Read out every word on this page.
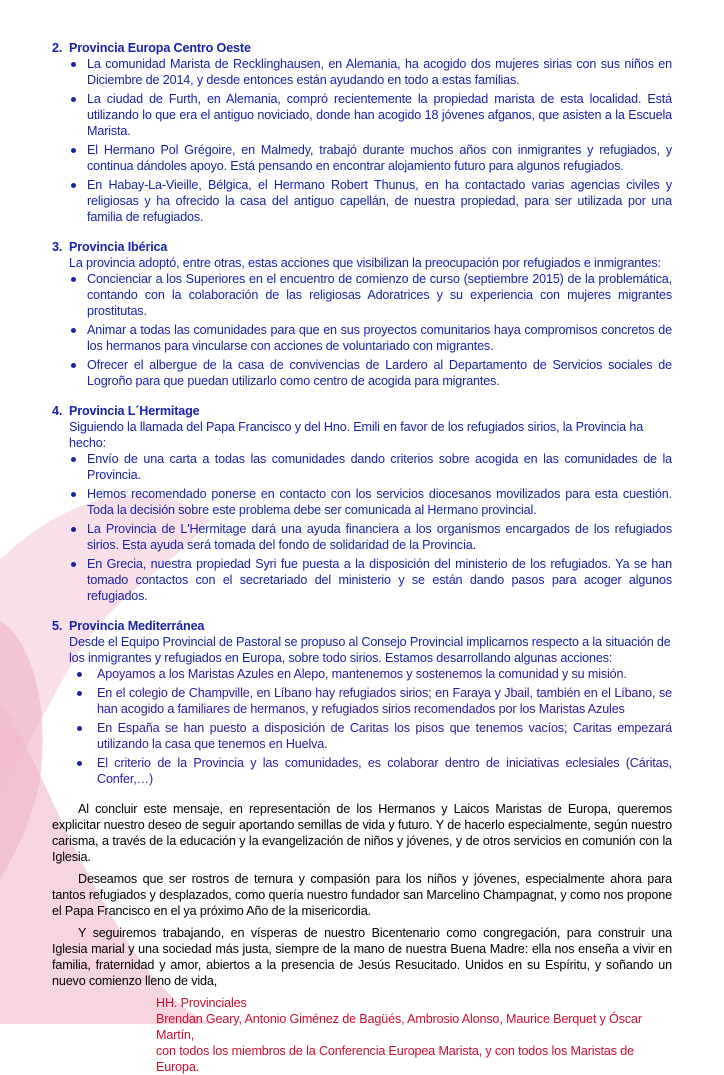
2. Provincia Europa Centro Oeste
La comunidad Marista de Recklinghausen, en Alemania, ha acogido dos mujeres sirias con sus niños en Diciembre de 2014, y desde entonces están ayudando en todo a estas familias.
La ciudad de Furth, en Alemania, compró recientemente la propiedad marista de esta localidad. Está utilizando lo que era el antiguo noviciado, donde han acogido 18 jóvenes afganos, que asisten a la Escuela Marista.
El Hermano Pol Grégoire, en Malmedy, trabajó durante muchos años con inmigrantes y refugiados, y continua dándoles apoyo. Está pensando en encontrar alojamiento futuro para algunos refugiados.
En Habay-La-Vieille, Bélgica, el Hermano Robert Thunus, en ha contactado varias agencias civiles y religiosas y ha ofrecido la casa del antiguo capellán, de nuestra propiedad, para ser utilizada por una familia de refugiados.
3. Provincia Ibérica
La provincia adoptó, entre otras, estas acciones que visibilizan la preocupación por refugiados e inmigrantes:
Concienciar a los Superiores en el encuentro de comienzo de curso (septiembre 2015) de la problemática, contando con la colaboración de las religiosas Adoratrices y su experiencia con mujeres migrantes prostitutas.
Animar a todas las comunidades para que en sus proyectos comunitarios haya compromisos concretos de los hermanos para vincularse con acciones de voluntariado con migrantes.
Ofrecer el albergue de la casa de convivencias de Lardero al Departamento de Servicios sociales de Logroño para que puedan utilizarlo como centro de acogida para migrantes.
4. Provincia L´Hermitage
Siguiendo la llamada del Papa Francisco y del Hno. Emili en favor de los refugiados sirios, la Provincia ha hecho:
Envío de una carta a todas las comunidades dando criterios sobre acogida en las comunidades de la Provincia.
Hemos recomendado ponerse en contacto con los servicios diocesanos movilizados para esta cuestión. Toda la decisión sobre este problema debe ser comunicada al Hermano provincial.
La Provincia de L'Hermitage dará una ayuda financiera a los organismos encargados de los refugiados sirios. Esta ayuda será tomada del fondo de solidaridad de la Provincia.
En Grecia, nuestra propiedad Syri fue puesta a la disposición del ministerio de los refugiados. Ya se han tomado contactos con el secretariado del ministerio y se están dando pasos para acoger algunos refugiados.
5. Provincia Mediterránea
Desde el Equipo Provincial de Pastoral se propuso al Consejo Provincial implicarnos respecto a la situación de los inmigrantes y refugiados en Europa, sobre todo sirios. Estamos desarrollando algunas acciones:
Apoyamos a los Maristas Azules en Alepo, mantenemos y sostenemos la comunidad y su misión.
En el colegio de Champville, en Líbano hay refugiados sirios; en Faraya y Jbail, también en el Líbano, se han acogido a familiares de hermanos, y refugiados sirios recomendados por los Maristas Azules
En España se han puesto a disposición de Caritas los pisos que tenemos vacíos; Caritas empezará utilizando la casa que tenemos en Huelva.
El criterio de la Provincia y las comunidades, es colaborar dentro de iniciativas eclesiales (Cáritas, Confer,…)

Al concluir este mensaje, en representación de los Hermanos y Laicos Maristas de Europa, queremos explicitar nuestro deseo de seguir aportando semillas de vida y futuro. Y de hacerlo especialmente, según nuestro carisma, a través de la educación y la evangelización de niños y jóvenes, y de otros servicios en comunión con la Iglesia.

Deseamos que ser rostros de ternura y compasión para los niños y jóvenes, especialmente ahora para tantos refugiados y desplazados, como quería nuestro fundador san Marcelino Champagnat, y como nos propone el Papa Francisco en el ya próximo Año de la misericordia.

Y seguiremos trabajando, en vísperas de nuestro Bicentenario como congregación, para construir una Iglesia marial y una sociedad más justa, siempre de la mano de nuestra Buena Madre: ella nos enseña a vivir en familia, fraternidad y amor, abiertos a la presencia de Jesús Resucitado. Unidos en su Espíritu, y soñando un nuevo comienzo lleno de vida,

HH. Provinciales
Brendan Geary, Antonio Giménez de Bagüés, Ambrosio Alonso, Maurice Berquet y Óscar Martín,
con todos los miembros de la Conferencia Europea Marista, y con todos los Maristas de Europa.
